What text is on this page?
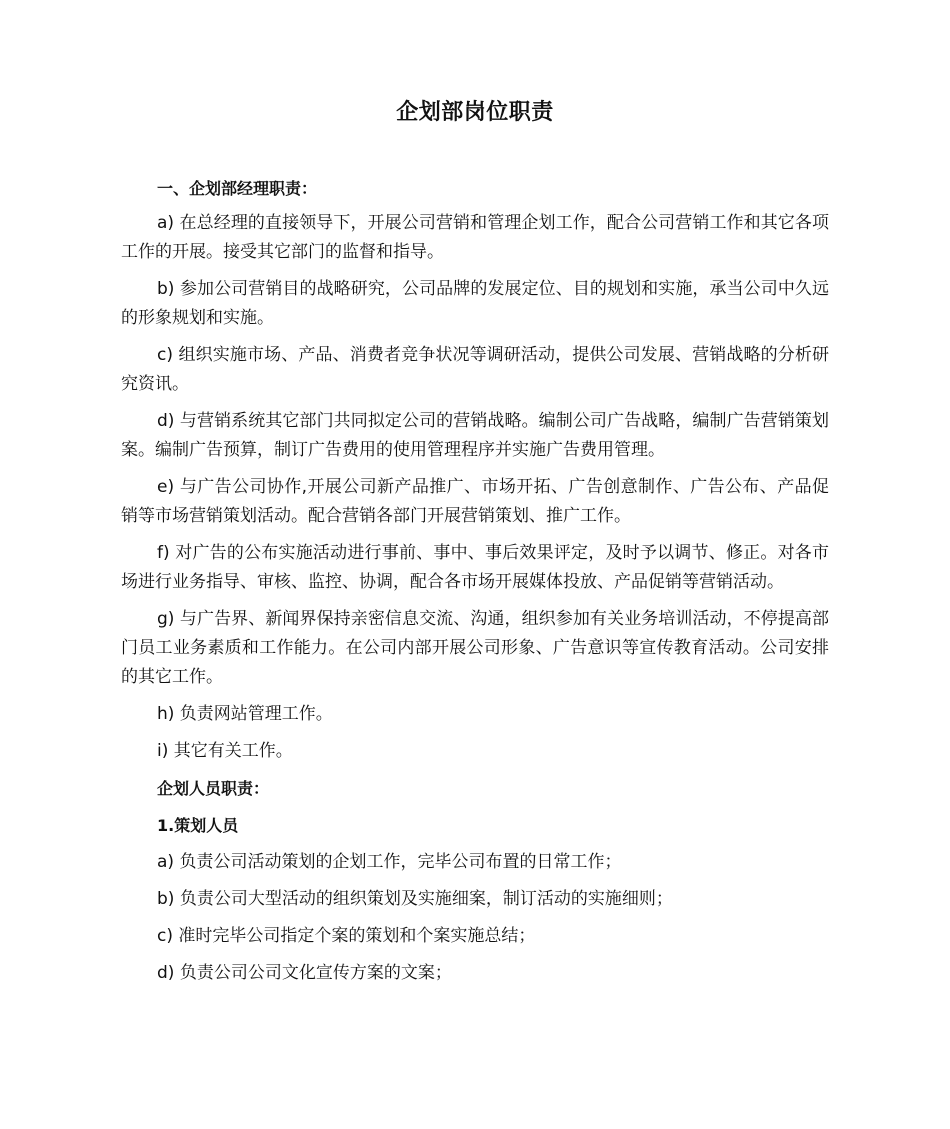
企划部岗位职责

一、企划部经理职责：

a) 在总经理的直接领导下，开展公司营销和管理企划工作，配合公司营销工作和其它各项工作的开展。接受其它部门的监督和指导。

b) 参加公司营销目的战略研究，公司品牌的发展定位、目的规划和实施，承当公司中久远的形象规划和实施。

c) 组织实施市场、产品、消费者竞争状况等调研活动，提供公司发展、营销战略的分析研究资讯。

d) 与营销系统其它部门共同拟定公司的营销战略。编制公司广告战略，编制广告营销策划案。编制广告预算，制订广告费用的使用管理程序并实施广告费用管理。

e) 与广告公司协作,开展公司新产品推广、市场开拓、广告创意制作、广告公布、产品促销等市场营销策划活动。配合营销各部门开展营销策划、推广工作。

f) 对广告的公布实施活动进行事前、事中、事后效果评定，及时予以调节、修正。对各市场进行业务指导、审核、监控、协调，配合各市场开展媒体投放、产品促销等营销活动。

g) 与广告界、新闻界保持亲密信息交流、沟通，组织参加有关业务培训活动，不停提高部门员工业务素质和工作能力。在公司内部开展公司形象、广告意识等宣传教育活动。公司安排的其它工作。

h) 负责网站管理工作。

i) 其它有关工作。

企划人员职责：

1.策划人员

a) 负责公司活动策划的企划工作，完毕公司布置的日常工作；

b) 负责公司大型活动的组织策划及实施细案，制订活动的实施细则；

c) 准时完毕公司指定个案的策划和个案实施总结；

d) 负责公司公司文化宣传方案的文案；
